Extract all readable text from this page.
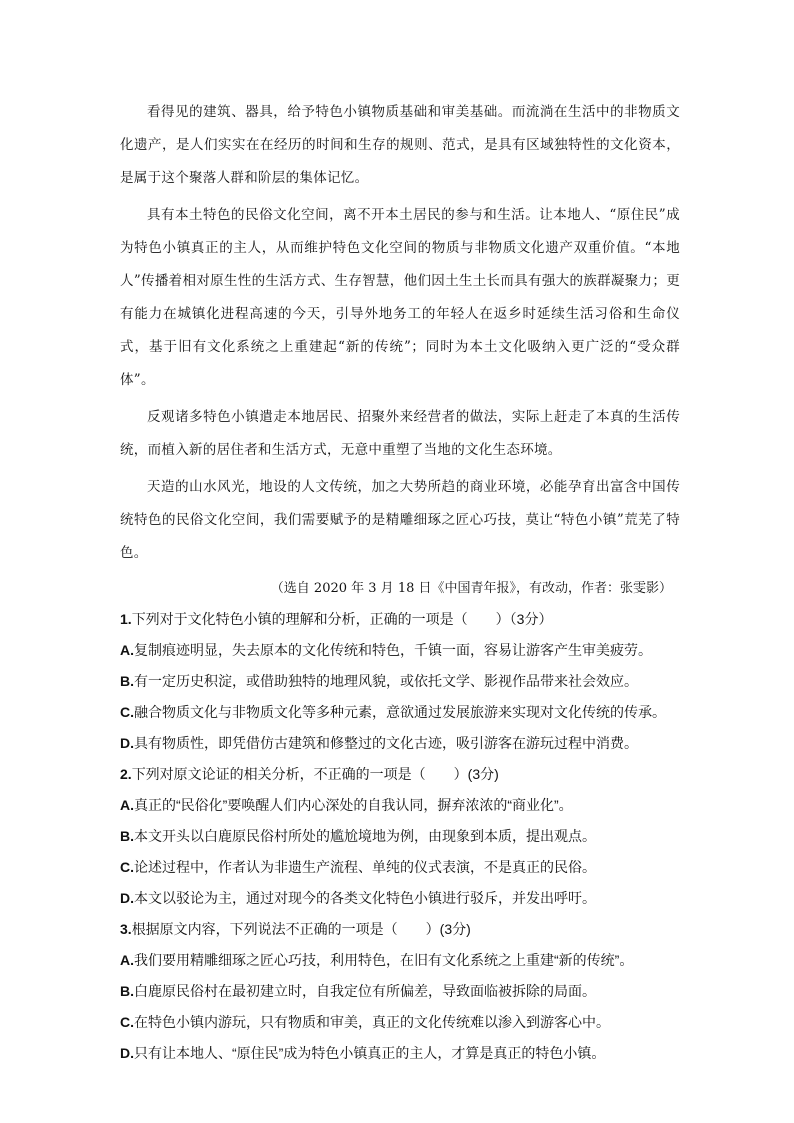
看得见的建筑、器具，给予特色小镇物质基础和审美基础。而流淌在生活中的非物质文化遗产，是人们实实在在经历的时间和生存的规则、范式，是具有区域独特性的文化资本，是属于这个聚落人群和阶层的集体记忆。

具有本土特色的民俗文化空间，离不开本土居民的参与和生活。让本地人、“原住民”成为特色小镇真正的主人，从而维护特色文化空间的物质与非物质文化遗产双重价值。“本地人”传播着相对原生性的生活方式、生存智慧，他们因土生土长而具有强大的族群凝聚力；更有能力在城镇化进程高速的今天，引导外地务工的年轻人在返乡时延续生活习俗和生命仪式，基于旧有文化系统之上重建起“新的传统”；同时为本土文化吸纳入更广泛的“受众群体”。

反观诸多特色小镇遣走本地居民、招聚外来经营者的做法，实际上赶走了本真的生活传统，而植入新的居住者和生活方式，无意中重塑了当地的文化生态环境。

天造的山水风光，地设的人文传统，加之大势所趋的商业环境，必能孕育出富含中国传统特色的民俗文化空间，我们需要赋予的是精雕细琢之匠心巧技，莫让“特色小镇”荒芜了特色。

（选自 2020 年 3 月 18 日《中国青年报》，有改动，作者：张雯影）
1.下列对于文化特色小镇的理解和分析，正确的一项是（　　）（3分）
A.复制痕迹明显，失去原本的文化传统和特色，千镇一面，容易让游客产生审美疲劳。
B.有一定历史积淀，或借助独特的地理风貌，或依托文学、影视作品带来社会效应。
C.融合物质文化与非物质文化等多种元素，意欲通过发展旅游来实现对文化传统的传承。
D.具有物质性，即凭借仿古建筑和修整过的文化古迹，吸引游客在游玩过程中消费。
2.下列对原文论证的相关分析，不正确的一项是（　　）(3分)
A.真正的“民俗化”要唤醒人们内心深处的自我认同，摒弃浓浓的“商业化”。
B.本文开头以白鹿原民俗村所处的尴尬境地为例，由现象到本质，提出观点。
C.论述过程中，作者认为非遗生产流程、单纯的仪式表演，不是真正的民俗。
D.本文以驳论为主，通过对现今的各类文化特色小镇进行驳斥，并发出呼吁。
3.根据原文内容，下列说法不正确的一项是（　　）(3分)
A.我们要用精雕细琢之匠心巧技，利用特色，在旧有文化系统之上重建“新的传统”。
B.白鹿原民俗村在最初建立时，自我定位有所偏差，导致面临被拆除的局面。
C.在特色小镇内游玩，只有物质和审美，真正的文化传统难以渗入到游客心中。
D.只有让本地人、“原住民”成为特色小镇真正的主人，才算是真正的特色小镇。
